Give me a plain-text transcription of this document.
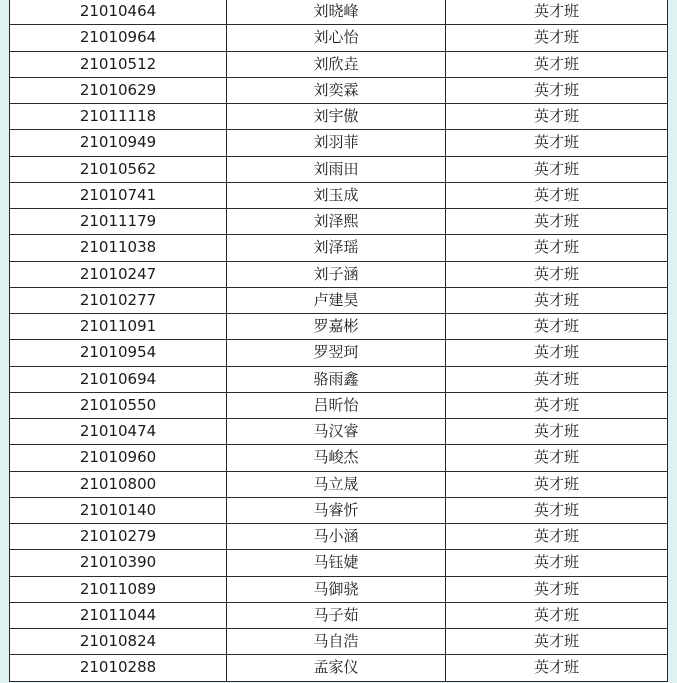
21010464	刘晓峰	英才班
21010964	刘心怡	英才班
21010512	刘欣垚	英才班
21010629	刘奕霖	英才班
21011118	刘宇傲	英才班
21010949	刘羽菲	英才班
21010562	刘雨田	英才班
21010741	刘玉成	英才班
21011179	刘泽熙	英才班
21011038	刘泽瑶	英才班
21010247	刘子涵	英才班
21010277	卢建昊	英才班
21011091	罗嘉彬	英才班
21010954	罗翌珂	英才班
21010694	骆雨鑫	英才班
21010550	吕昕怡	英才班
21010474	马汉睿	英才班
21010960	马峻杰	英才班
21010800	马立晟	英才班
21010140	马睿忻	英才班
21010279	马小涵	英才班
21010390	马钰婕	英才班
21011089	马御骁	英才班
21011044	马子茹	英才班
21010824	马自浩	英才班
21010288	孟家仪	英才班
